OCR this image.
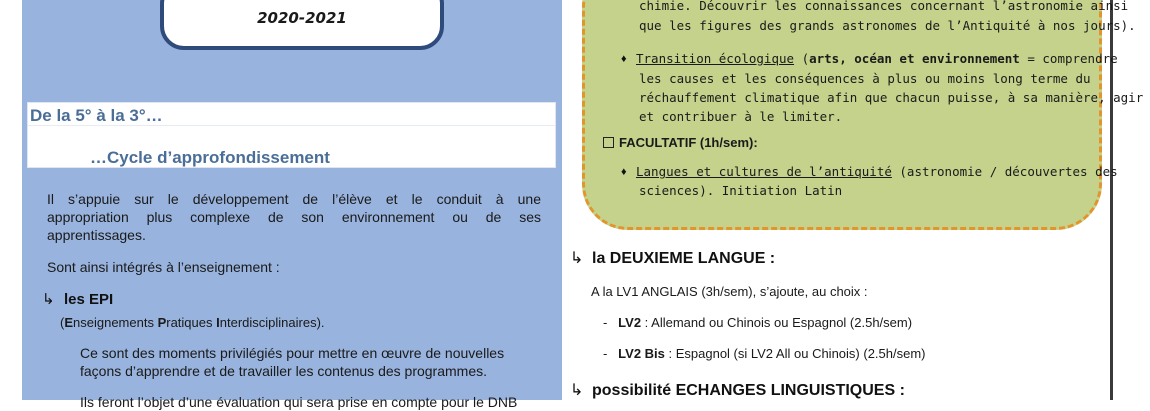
2020-2021
De la 5° à la 3°…
…Cycle d’approfondissement
Il s’appuie sur le développement de l’élève et le conduit à une
appropriation plus complexe de son environnement ou de ses
apprentissages.
Sont ainsi intégrés à l’enseignement :
↳ les EPI
(Enseignements Pratiques Interdisciplinaires).
Ce sont des moments privilégiés pour mettre en œuvre de nouvelles
façons d’apprendre et de travailler les contenus des programmes.
Ils feront l’objet d’une évaluation qui sera prise en compte pour le DNB
chimie. Découvrir les connaissances concernant l’astronomie ainsi
que les figures des grands astronomes de l’Antiquité à nos jours).
♦ Transition écologique (arts, océan et environnement = comprendre
les causes et les conséquences à plus ou moins long terme du
réchauffement climatique afin que chacun puisse, à sa manière, agir
et contribuer à le limiter.
FACULTATIF (1h/sem):
♦ Langues et cultures de l’antiquité (astronomie / découvertes des
sciences). Initiation Latin
↳ la DEUXIEME LANGUE :
A la LV1 ANGLAIS (3h/sem), s’ajoute, au choix :
-   LV2 : Allemand ou Chinois ou Espagnol (2.5h/sem)
-   LV2 Bis : Espagnol (si LV2 All ou Chinois) (2.5h/sem)
↳ possibilité ECHANGES LINGUISTIQUES :
